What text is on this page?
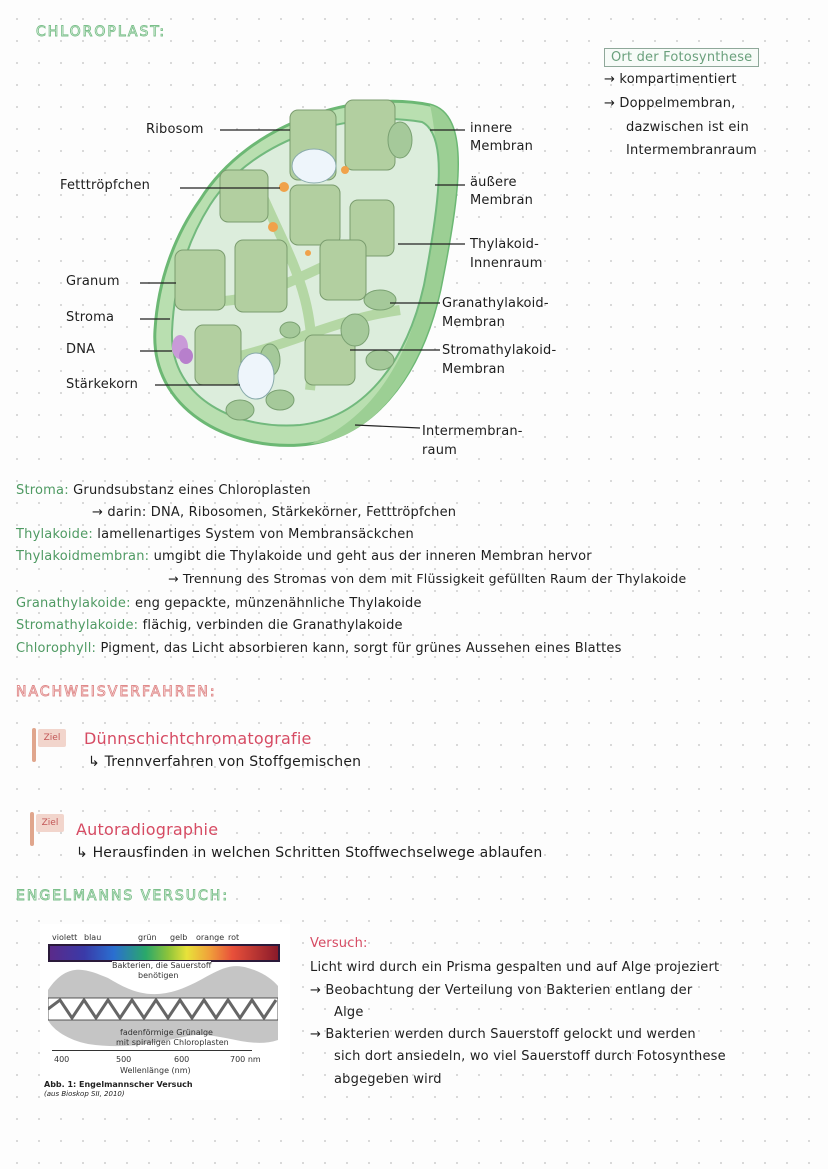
CHLOROPLAST:
Ort der Fotosynthese
→ kompartimentiert
→ Doppelmembran,
dazwischen ist ein
Intermembranraum
Ribosom
Fetttröpfchen
Granum
Stroma
DNA
Stärkekorn
innere
Membran
äußere
Membran
Thylakoid-
Innenraum
Granathylakoid-
Membran
Stromathylakoid-
Membran
Intermembran-
raum
Stroma: Grundsubstanz eines Chloroplasten
→ darin: DNA, Ribosomen, Stärkekörner, Fetttröpfchen
Thylakoide: lamellenartiges System von Membransäckchen
Thylakoidmembran: umgibt die Thylakoide und geht aus der inneren Membran hervor
→ Trennung des Stromas von dem mit Flüssigkeit gefüllten Raum der Thylakoide
Granathylakoide: eng gepackte, münzenähnliche Thylakoide
Stromathylakoide: flächig, verbinden die Granathylakoide
Chlorophyll: Pigment, das Licht absorbieren kann, sorgt für grünes Aussehen eines Blattes
NACHWEISVERFAHREN:
Ziel	Dünnschichtchromatografie
↳ Trennverfahren von Stoffgemischen
Ziel	Autoradiographie
↳ Herausfinden in welchen Schritten Stoffwechselwege ablaufen
ENGELMANNS VERSUCH:
violett blau	grün gelb orange rot
Bakterien, die Sauerstoff
benötigen
fadenförmige Grünalge
mit spiraligen Chloroplasten
400	500	600	700 nm
Wellenlänge (nm)
Abb. 1: Engelmannscher Versuch
(aus Bioskop SII, 2010)
Versuch:
Licht wird durch ein Prisma gespalten und auf Alge projeziert
→ Beobachtung der Verteilung von Bakterien entlang der
Alge
→ Bakterien werden durch Sauerstoff gelockt und werden
sich dort ansiedeln, wo viel Sauerstoff durch Fotosynthese
abgegeben wird
